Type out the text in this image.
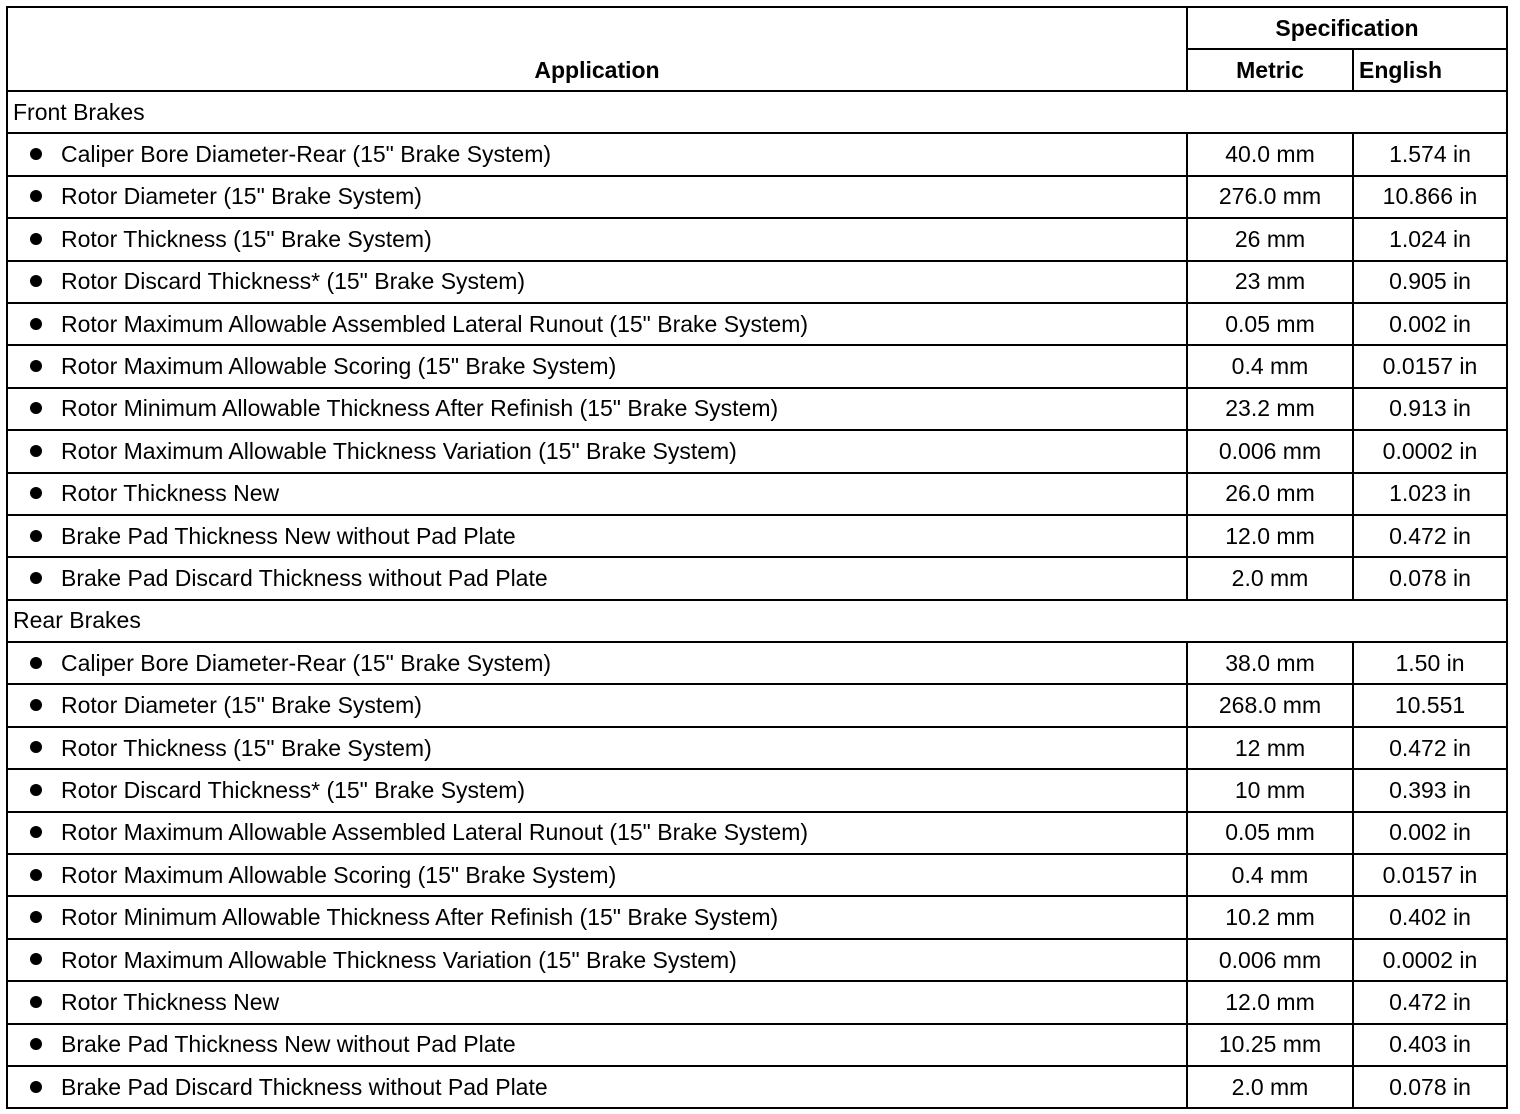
Application	Specification	
	Metric	English
Front Brakes		
Caliper Bore Diameter-Rear (15" Brake System)	40.0 mm	1.574 in
Rotor Diameter (15" Brake System)	276.0 mm	10.866 in
Rotor Thickness (15" Brake System)	26 mm	1.024 in
Rotor Discard Thickness* (15" Brake System)	23 mm	0.905 in
Rotor Maximum Allowable Assembled Lateral Runout (15" Brake System)	0.05 mm	0.002 in
Rotor Maximum Allowable Scoring (15" Brake System)	0.4 mm	0.0157 in
Rotor Minimum Allowable Thickness After Refinish (15" Brake System)	23.2 mm	0.913 in
Rotor Maximum Allowable Thickness Variation (15" Brake System)	0.006 mm	0.0002 in
Rotor Thickness New	26.0 mm	1.023 in
Brake Pad Thickness New without Pad Plate	12.0 mm	0.472 in
Brake Pad Discard Thickness without Pad Plate	2.0 mm	0.078 in
Rear Brakes		
Caliper Bore Diameter-Rear (15" Brake System)	38.0 mm	1.50 in
Rotor Diameter (15" Brake System)	268.0 mm	10.551
Rotor Thickness (15" Brake System)	12 mm	0.472 in
Rotor Discard Thickness* (15" Brake System)	10 mm	0.393 in
Rotor Maximum Allowable Assembled Lateral Runout (15" Brake System)	0.05 mm	0.002 in
Rotor Maximum Allowable Scoring (15" Brake System)	0.4 mm	0.0157 in
Rotor Minimum Allowable Thickness After Refinish (15" Brake System)	10.2 mm	0.402 in
Rotor Maximum Allowable Thickness Variation (15" Brake System)	0.006 mm	0.0002 in
Rotor Thickness New	12.0 mm	0.472 in
Brake Pad Thickness New without Pad Plate	10.25 mm	0.403 in
Brake Pad Discard Thickness without Pad Plate	2.0 mm	0.078 in
